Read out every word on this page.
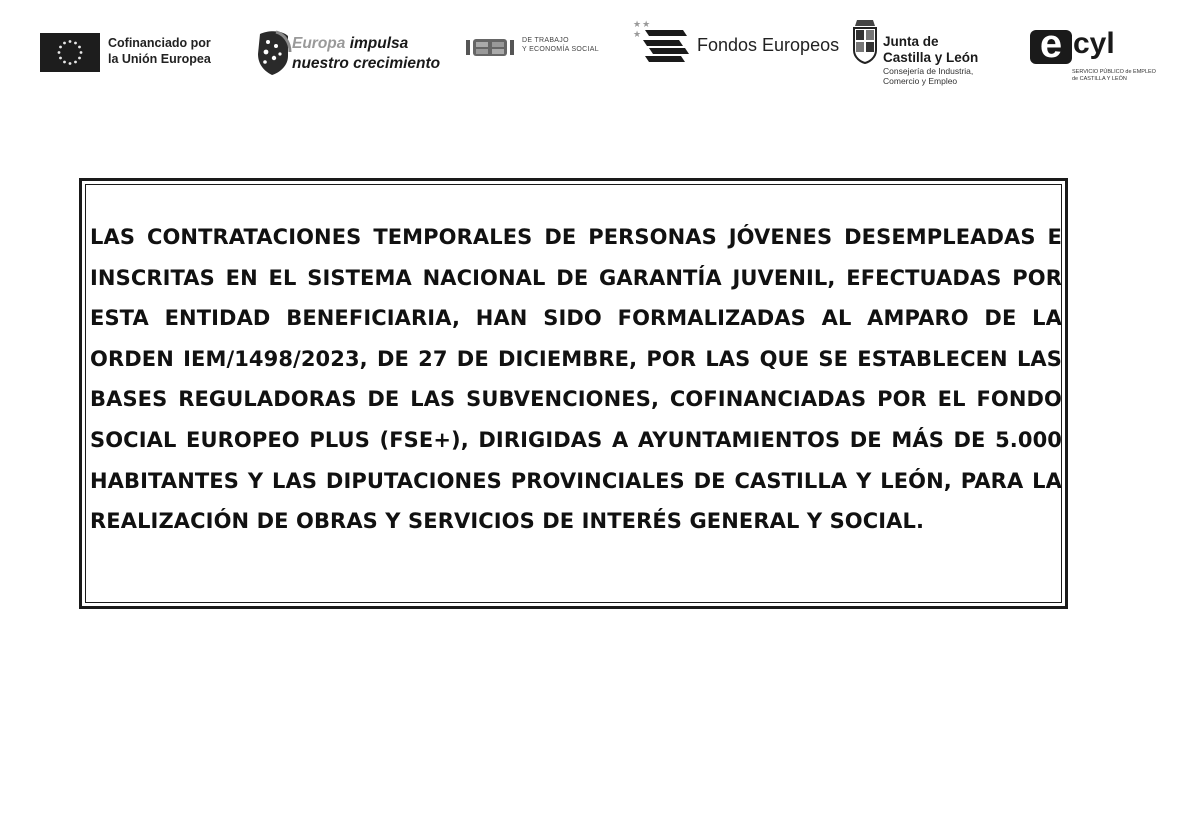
Cofinanciado por
la Unión Europea
Europa impulsa
nuestro crecimiento
DE TRABAJO
Y ECONOMÍA SOCIAL
★★
★	Fondos Europeos	Junta de
Castilla y León
Consejería de Industria,
Comercio y Empleo
e cyl
SERVICIO PÚBLICO de EMPLEO
de CASTILLA Y LEÓN

LAS CONTRATACIONES TEMPORALES DE PERSONAS JÓVENES DESEMPLEADAS E INSCRITAS EN EL SISTEMA NACIONAL DE GARANTÍA JUVENIL, EFECTUADAS POR ESTA ENTIDAD BENEFICIARIA, HAN SIDO FORMALIZADAS AL AMPARO DE LA ORDEN IEM/1498/2023, DE 27 DE DICIEMBRE, POR LAS QUE SE ESTABLECEN LAS BASES REGULADORAS DE LAS SUBVENCIONES, COFINANCIADAS POR EL FONDO SOCIAL EUROPEO PLUS (FSE+), DIRIGIDAS A AYUNTAMIENTOS DE MÁS DE 5.000 HABITANTES Y LAS DIPUTACIONES PROVINCIALES DE CASTILLA Y LEÓN, PARA LA REALIZACIÓN DE OBRAS Y SERVICIOS DE INTERÉS GENERAL Y SOCIAL.
